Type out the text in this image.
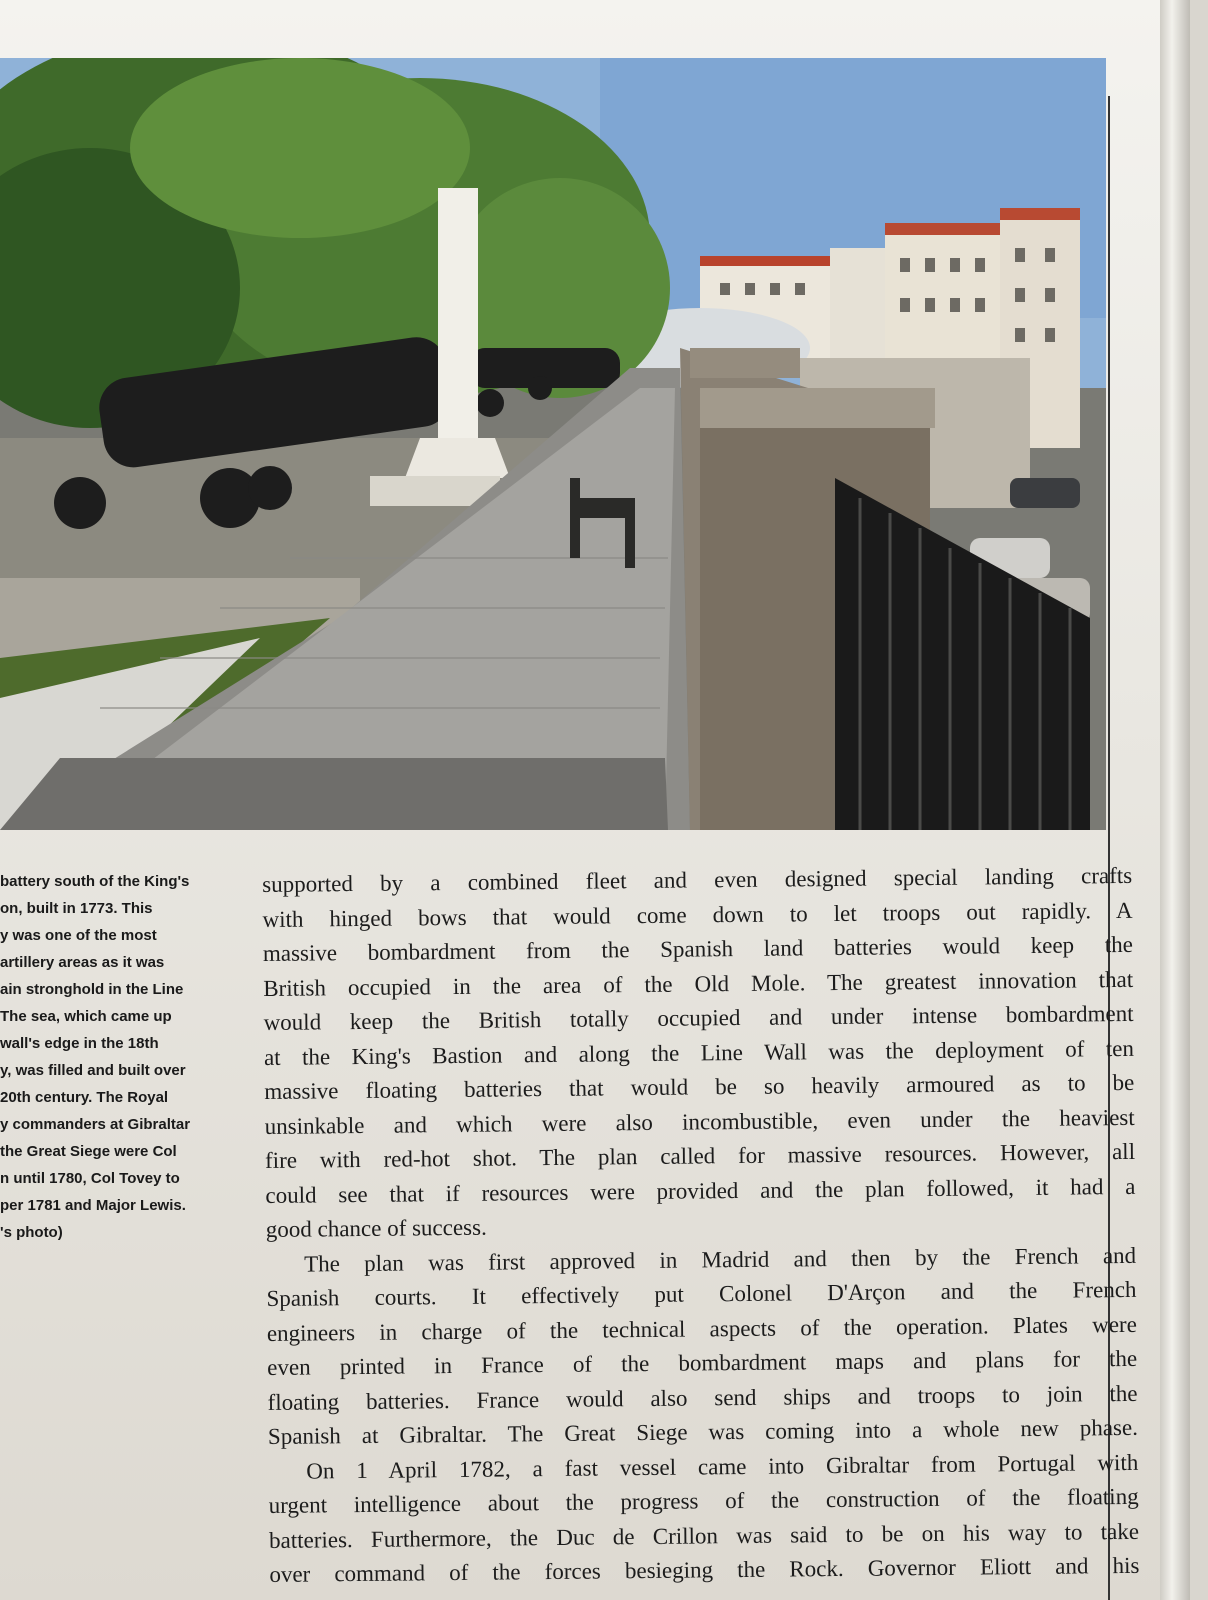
battery south of the King's
on, built in 1773. This
y was one of the most
artillery areas as it was
ain stronghold in the Line
The sea, which came up
wall's edge in the 18th
y, was filled and built over
20th century. The Royal
y commanders at Gibraltar
the Great Siege were Col
n until 1780, Col Tovey to
per 1781 and Major Lewis.
's photo)

supported by a combined fleet and even designed special landing crafts
with hinged bows that would come down to let troops out rapidly. A
massive bombardment from the Spanish land batteries would keep the
British occupied in the area of the Old Mole. The greatest innovation that
would keep the British totally occupied and under intense bombardment
at the King's Bastion and along the Line Wall was the deployment of ten
massive floating batteries that would be so heavily armoured as to be
unsinkable and which were also incombustible, even under the heaviest
fire with red-hot shot. The plan called for massive resources. However, all
could see that if resources were provided and the plan followed, it had a
good chance of success.

The plan was first approved in Madrid and then by the French and
Spanish courts. It effectively put Colonel D'Arçon and the French
engineers in charge of the technical aspects of the operation. Plates were
even printed in France of the bombardment maps and plans for the
floating batteries. France would also send ships and troops to join the
Spanish at Gibraltar. The Great Siege was coming into a whole new phase.

On 1 April 1782, a fast vessel came into Gibraltar from Portugal with
urgent intelligence about the progress of the construction of the floating
batteries. Furthermore, the Duc de Crillon was said to be on his way to take
over command of the forces besieging the Rock. Governor Eliott and his
